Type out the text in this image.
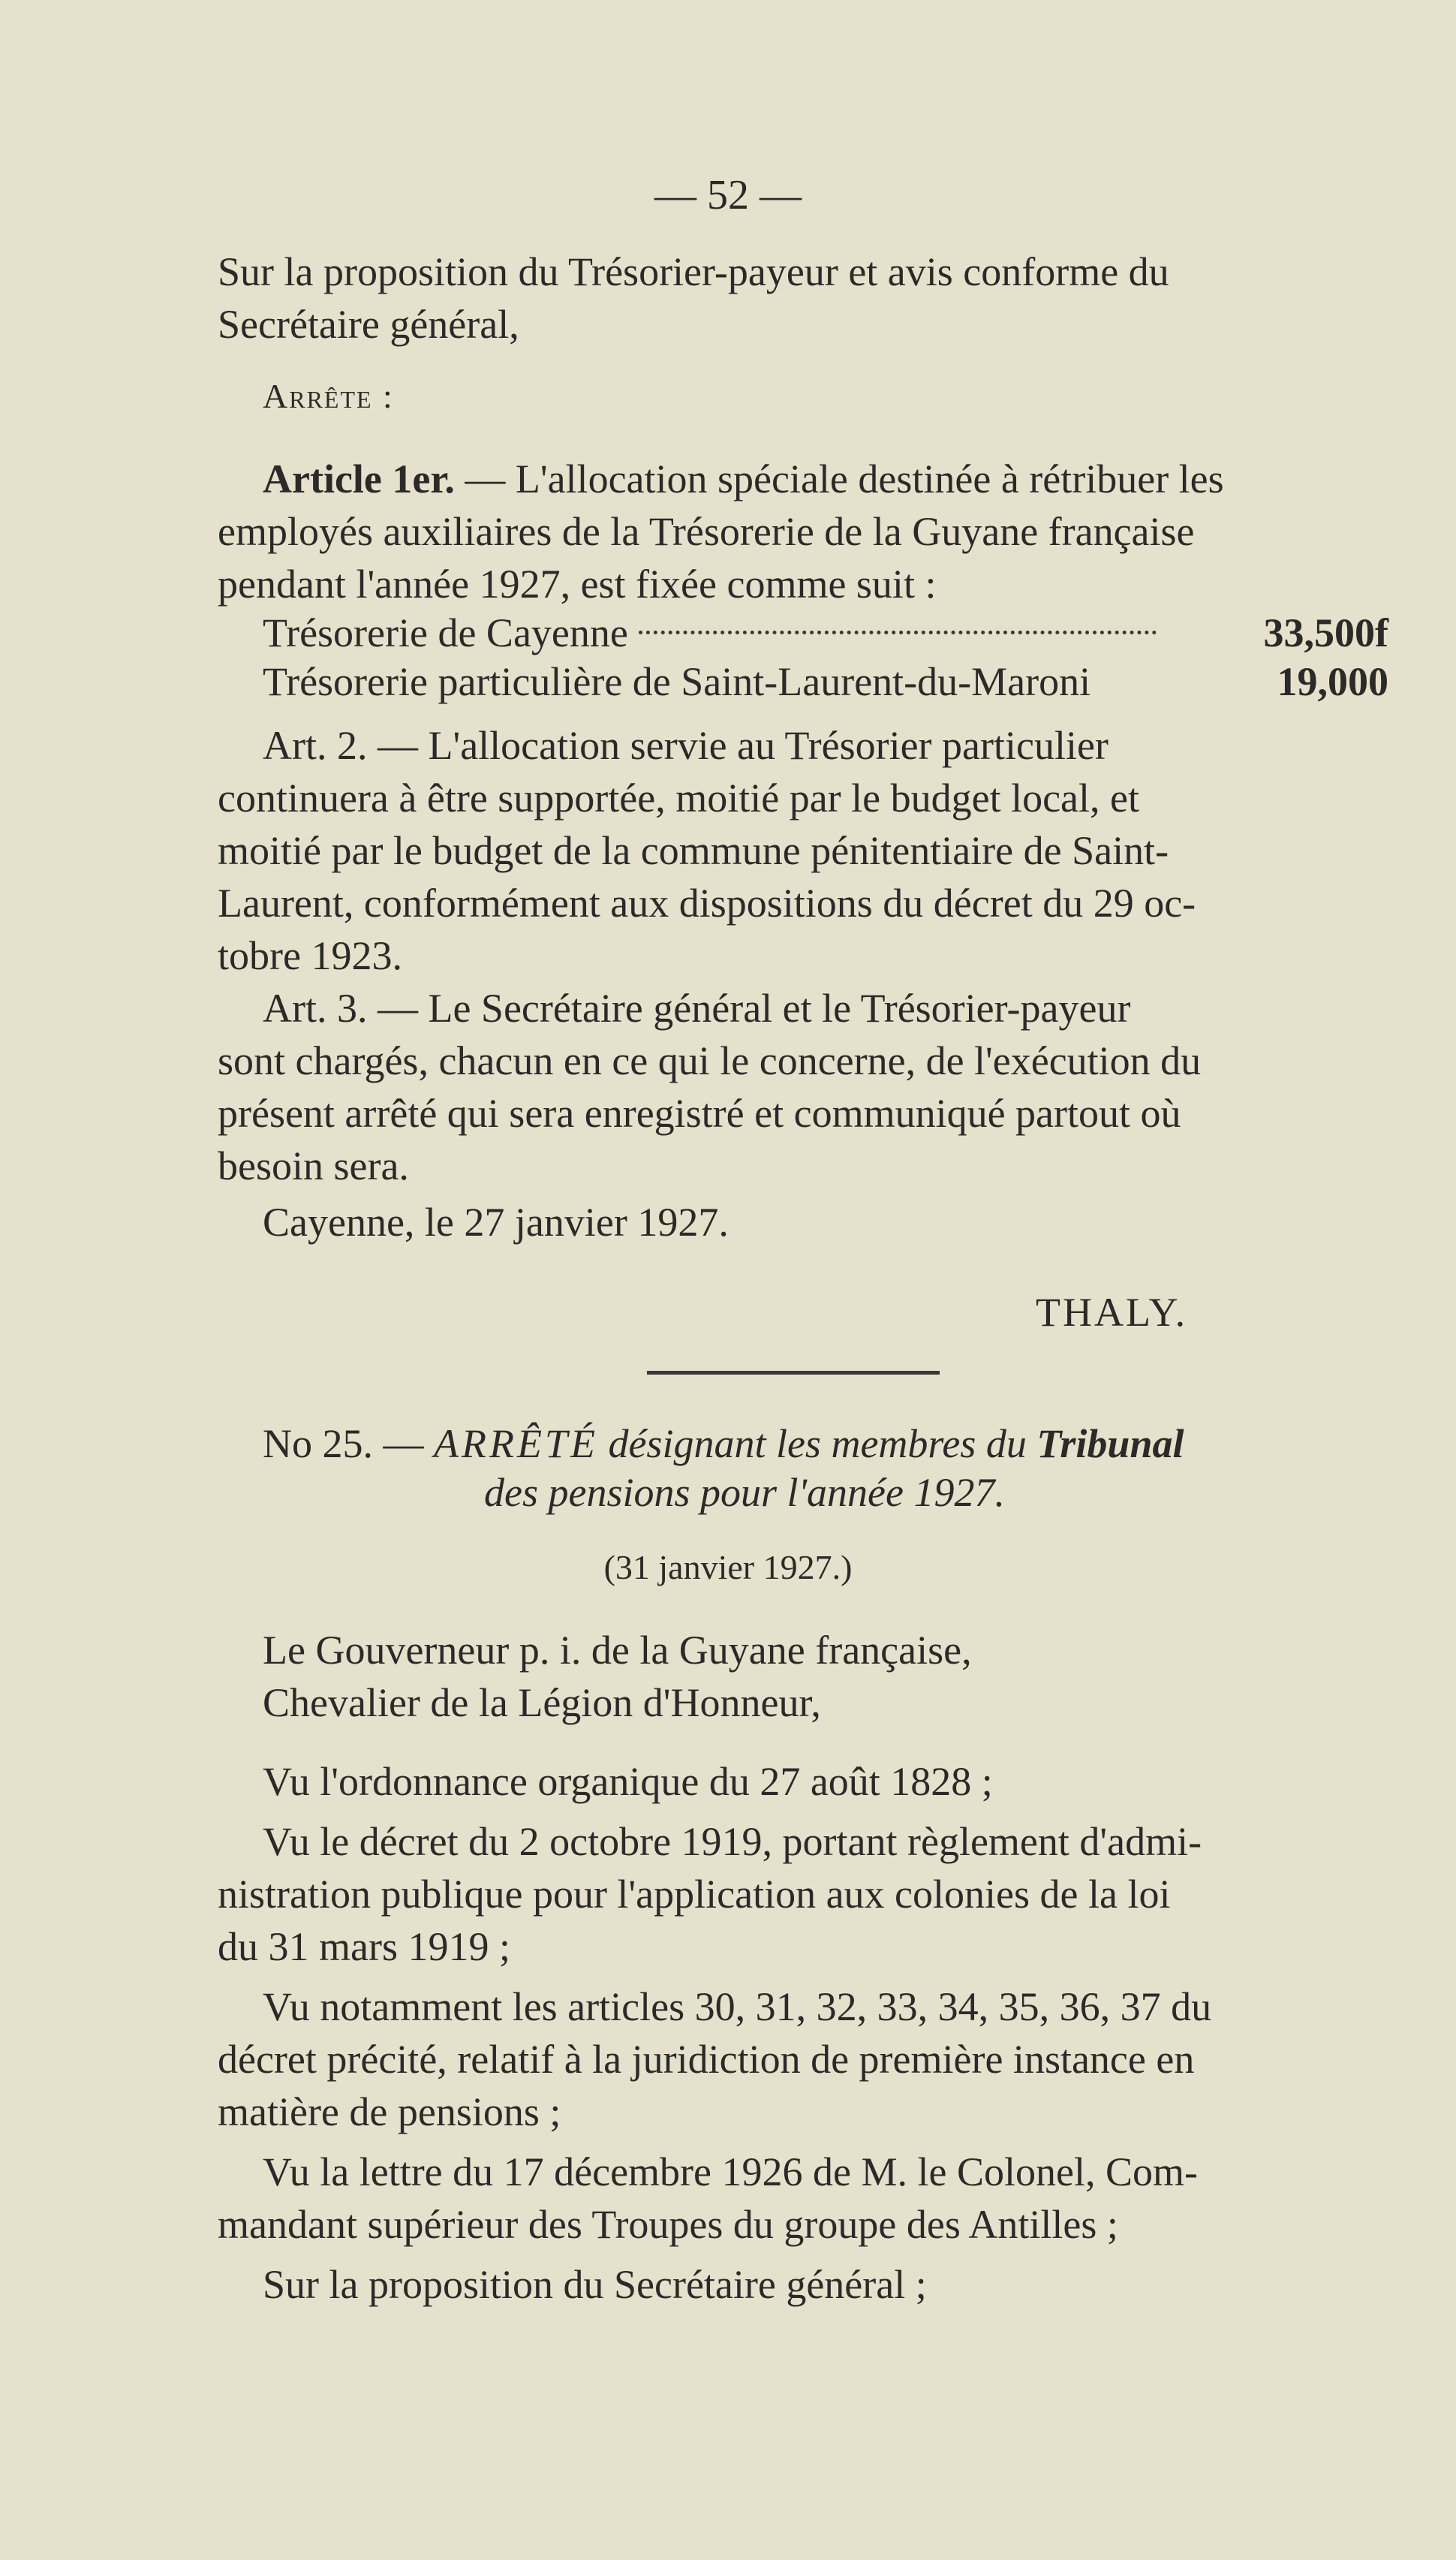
— 52 —
Sur la proposition du Trésorier-payeur et avis conforme du
Secrétaire général,
Arrête :
Article 1er. — L'allocation spéciale destinée à rétribuer les
employés auxiliaires de la Trésorerie de la Guyane française
pendant l'année 1927, est fixée comme suit :
Trésorerie de Cayenne	33,500f
Trésorerie particulière de Saint-Laurent-du-Maroni	19,000
Art. 2. — L'allocation servie au Trésorier particulier
continuera à être supportée, moitié par le budget local, et
moitié par le budget de la commune pénitentiaire de Saint-
Laurent, conformément aux dispositions du décret du 29 oc-
tobre 1923.
Art. 3. — Le Secrétaire général et le Trésorier-payeur
sont chargés, chacun en ce qui le concerne, de l'exécution du
présent arrêté qui sera enregistré et communiqué partout où
besoin sera.
Cayenne, le 27 janvier 1927.
THALY.
No 25. — ARRÊTÉ désignant les membres du Tribunal
des pensions pour l'année 1927.
(31 janvier 1927.)
Le Gouverneur p. i. de la Guyane française,
Chevalier de la Légion d'Honneur,
Vu l'ordonnance organique du 27 août 1828 ;
Vu le décret du 2 octobre 1919, portant règlement d'admi-
nistration publique pour l'application aux colonies de la loi
du 31 mars 1919 ;
Vu notamment les articles 30, 31, 32, 33, 34, 35, 36, 37 du
décret précité, relatif à la juridiction de première instance en
matière de pensions ;
Vu la lettre du 17 décembre 1926 de M. le Colonel, Com-
mandant supérieur des Troupes du groupe des Antilles ;
Sur la proposition du Secrétaire général ;
